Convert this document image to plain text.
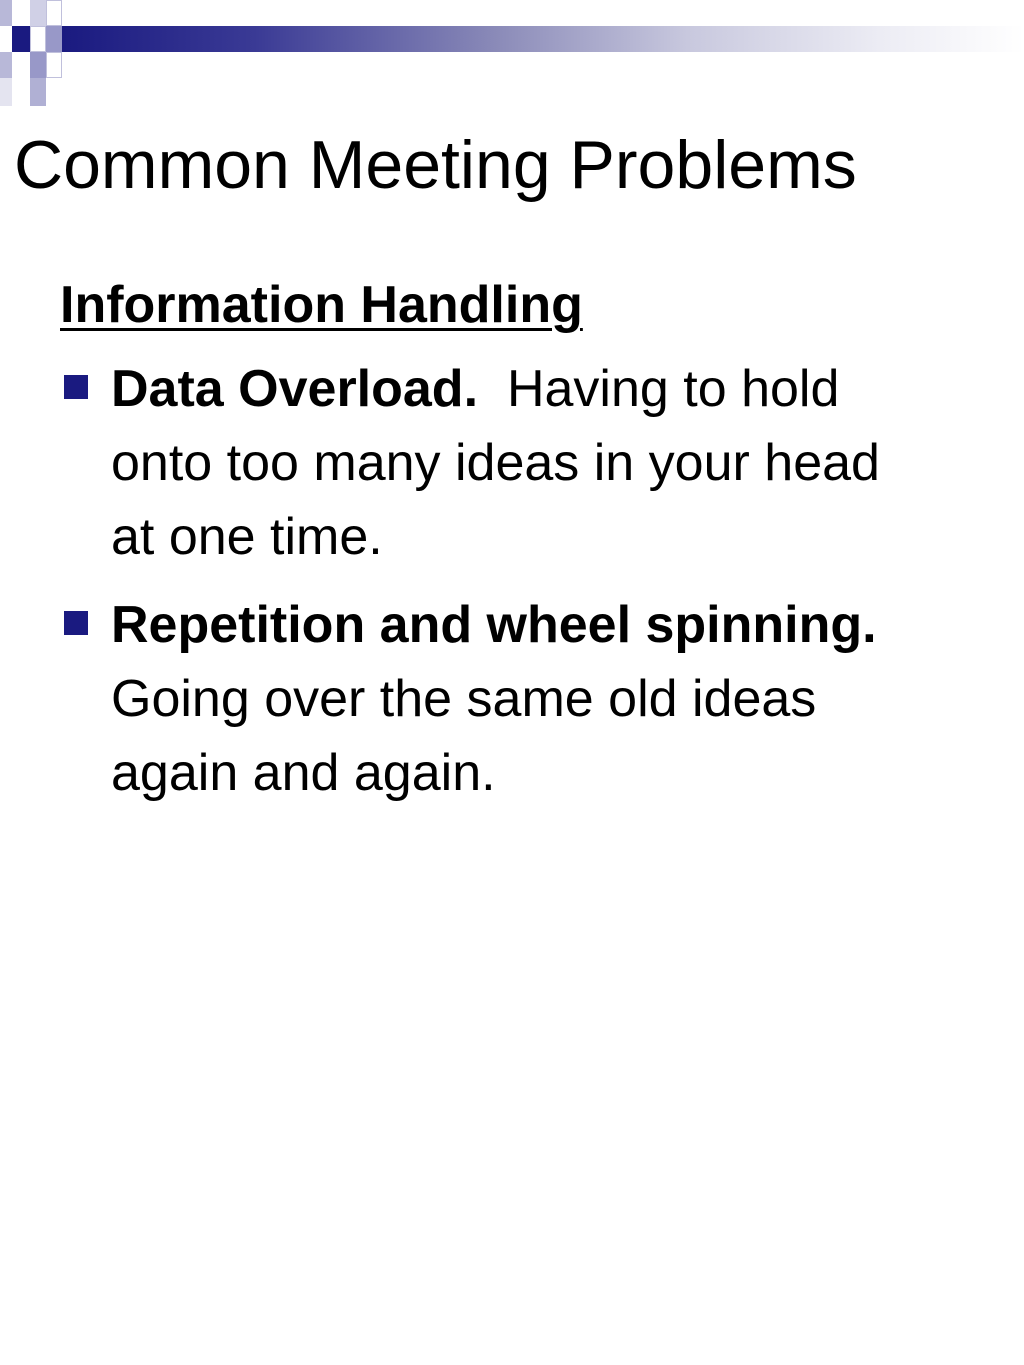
Common Meeting Problems
Information Handling
Data Overload. Having to hold onto too many ideas in your head at one time.
Repetition and wheel spinning.  Going over the same old ideas again and again.
